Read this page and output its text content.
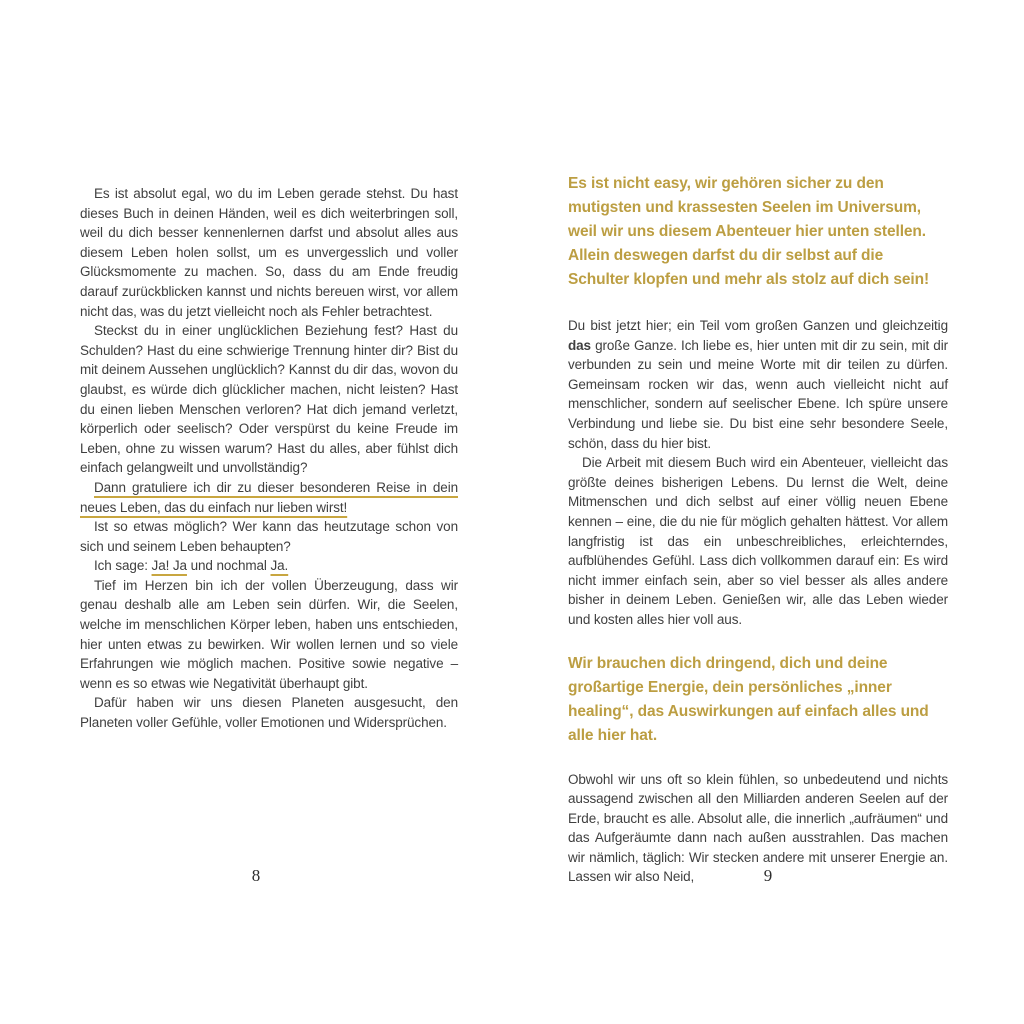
Es ist absolut egal, wo du im Leben gerade stehst. Du hast dieses Buch in deinen Händen, weil es dich weiterbringen soll, weil du dich besser kennenlernen darfst und absolut alles aus diesem Leben holen sollst, um es unvergesslich und voller Glücksmomente zu machen. So, dass du am Ende freudig darauf zurückblicken kannst und nichts bereuen wirst, vor allem nicht das, was du jetzt vielleicht noch als Fehler betrachtest.

Steckst du in einer unglücklichen Beziehung fest? Hast du Schulden? Hast du eine schwierige Trennung hinter dir? Bist du mit deinem Aussehen unglücklich? Kannst du dir das, wovon du glaubst, es würde dich glücklicher machen, nicht leisten? Hast du einen lieben Menschen verloren? Hat dich jemand verletzt, körperlich oder seelisch? Oder verspürst du keine Freude im Leben, ohne zu wissen warum? Hast du alles, aber fühlst dich einfach gelangweilt und unvollständig?

Dann gratuliere ich dir zu dieser besonderen Reise in dein neues Leben, das du einfach nur lieben wirst!

Ist so etwas möglich? Wer kann das heutzutage schon von sich und seinem Leben behaupten?

Ich sage: Ja! Ja und nochmal Ja.

Tief im Herzen bin ich der vollen Überzeugung, dass wir genau deshalb alle am Leben sein dürfen. Wir, die Seelen, welche im menschlichen Körper leben, haben uns entschieden, hier unten etwas zu bewirken. Wir wollen lernen und so viele Erfahrungen wie möglich machen. Positive sowie negative – wenn es so etwas wie Negativität überhaupt gibt.

Dafür haben wir uns diesen Planeten ausgesucht, den Planeten voller Gefühle, voller Emotionen und Widersprüchen.

8
Es ist nicht easy, wir gehören sicher zu den mutigsten und krassesten Seelen im Universum, weil wir uns diesem Abenteuer hier unten stellen. Allein deswegen darfst du dir selbst auf die Schulter klopfen und mehr als stolz auf dich sein!

Du bist jetzt hier; ein Teil vom großen Ganzen und gleichzeitig das große Ganze. Ich liebe es, hier unten mit dir zu sein, mit dir verbunden zu sein und meine Worte mit dir teilen zu dürfen. Gemeinsam rocken wir das, wenn auch vielleicht nicht auf menschlicher, sondern auf seelischer Ebene. Ich spüre unsere Verbindung und liebe sie. Du bist eine sehr besondere Seele, schön, dass du hier bist.

Die Arbeit mit diesem Buch wird ein Abenteuer, vielleicht das größte deines bisherigen Lebens. Du lernst die Welt, deine Mitmenschen und dich selbst auf einer völlig neuen Ebene kennen – eine, die du nie für möglich gehalten hättest. Vor allem langfristig ist das ein unbeschreibliches, erleichterndes, aufblühendes Gefühl. Lass dich vollkommen darauf ein: Es wird nicht immer einfach sein, aber so viel besser als alles andere bisher in deinem Leben. Genießen wir, alle das Leben wieder und kosten alles hier voll aus.

Wir brauchen dich dringend, dich und deine großartige Energie, dein persönliches „inner healing“, das Auswirkungen auf einfach alles und alle hier hat.

Obwohl wir uns oft so klein fühlen, so unbedeutend und nichts aussagend zwischen all den Milliarden anderen Seelen auf der Erde, braucht es alle. Absolut alle, die innerlich „aufräumen“ und das Aufgeräumte dann nach außen ausstrahlen. Das machen wir nämlich, täglich: Wir stecken andere mit unserer Energie an. Lassen wir also Neid,	9
